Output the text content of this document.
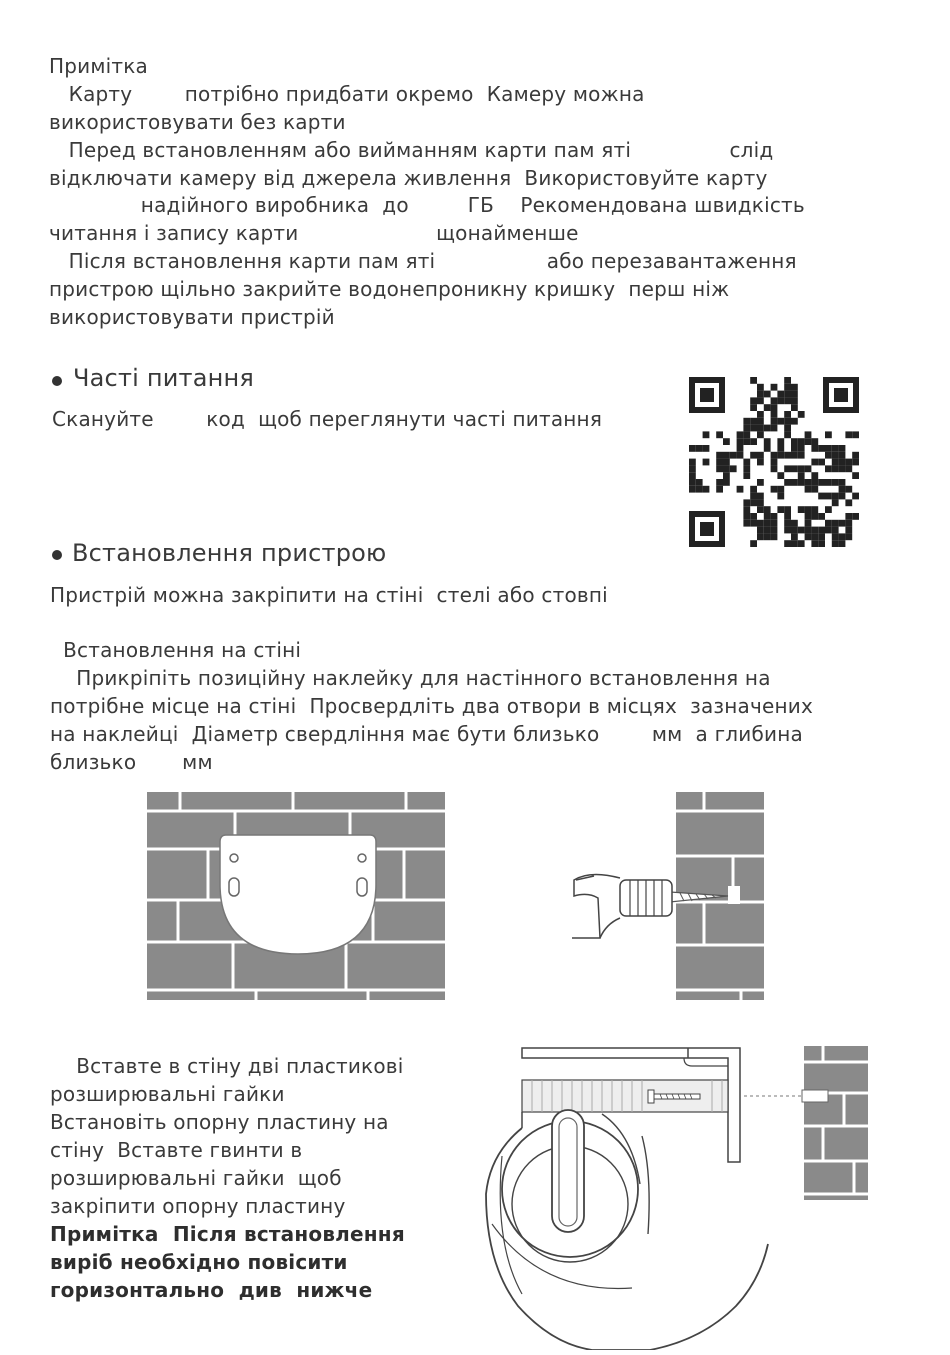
Примітка
Карту        потрібно придбати окремо  Камеру можна
використовувати без карти
Перед встановленням або вийманням карти пам яті               слід
відключати камеру від джерела живлення  Використовуйте карту
надійного виробника  до         ГБ    Рекомендована швидкість
читання і запису карти                     щонайменше
Після встановлення карти пам яті                 або перезавантаження
пристрою щільно закрийте водонепроникну кришку  перш ніж
використовувати пристрій
Часті питання
Сканyйте        код  щоб переглянути часті питання
Встановлення пристрою
Пристрій можна закріпити на стіні  стелі або стовпі
Встановлення на стіні
Прикріпіть позиційну наклейку для настінного встановлення на
потрібне місце на стіні  Просвердліть два отвори в місцях  зазначених
на наклейці  Діаметр свердління має бути близько        мм  а глибина
близько       мм
Вставте в стіну дві пластикові
розширювальні гайки
Встановіть опорну пластину на
стіну  Вставте гвинти в
розширювальні гайки  щоб
закріпити опорну пластину
Примітка  Після встановлення
виріб необхідно повісити
горизонтально  див  нижче
